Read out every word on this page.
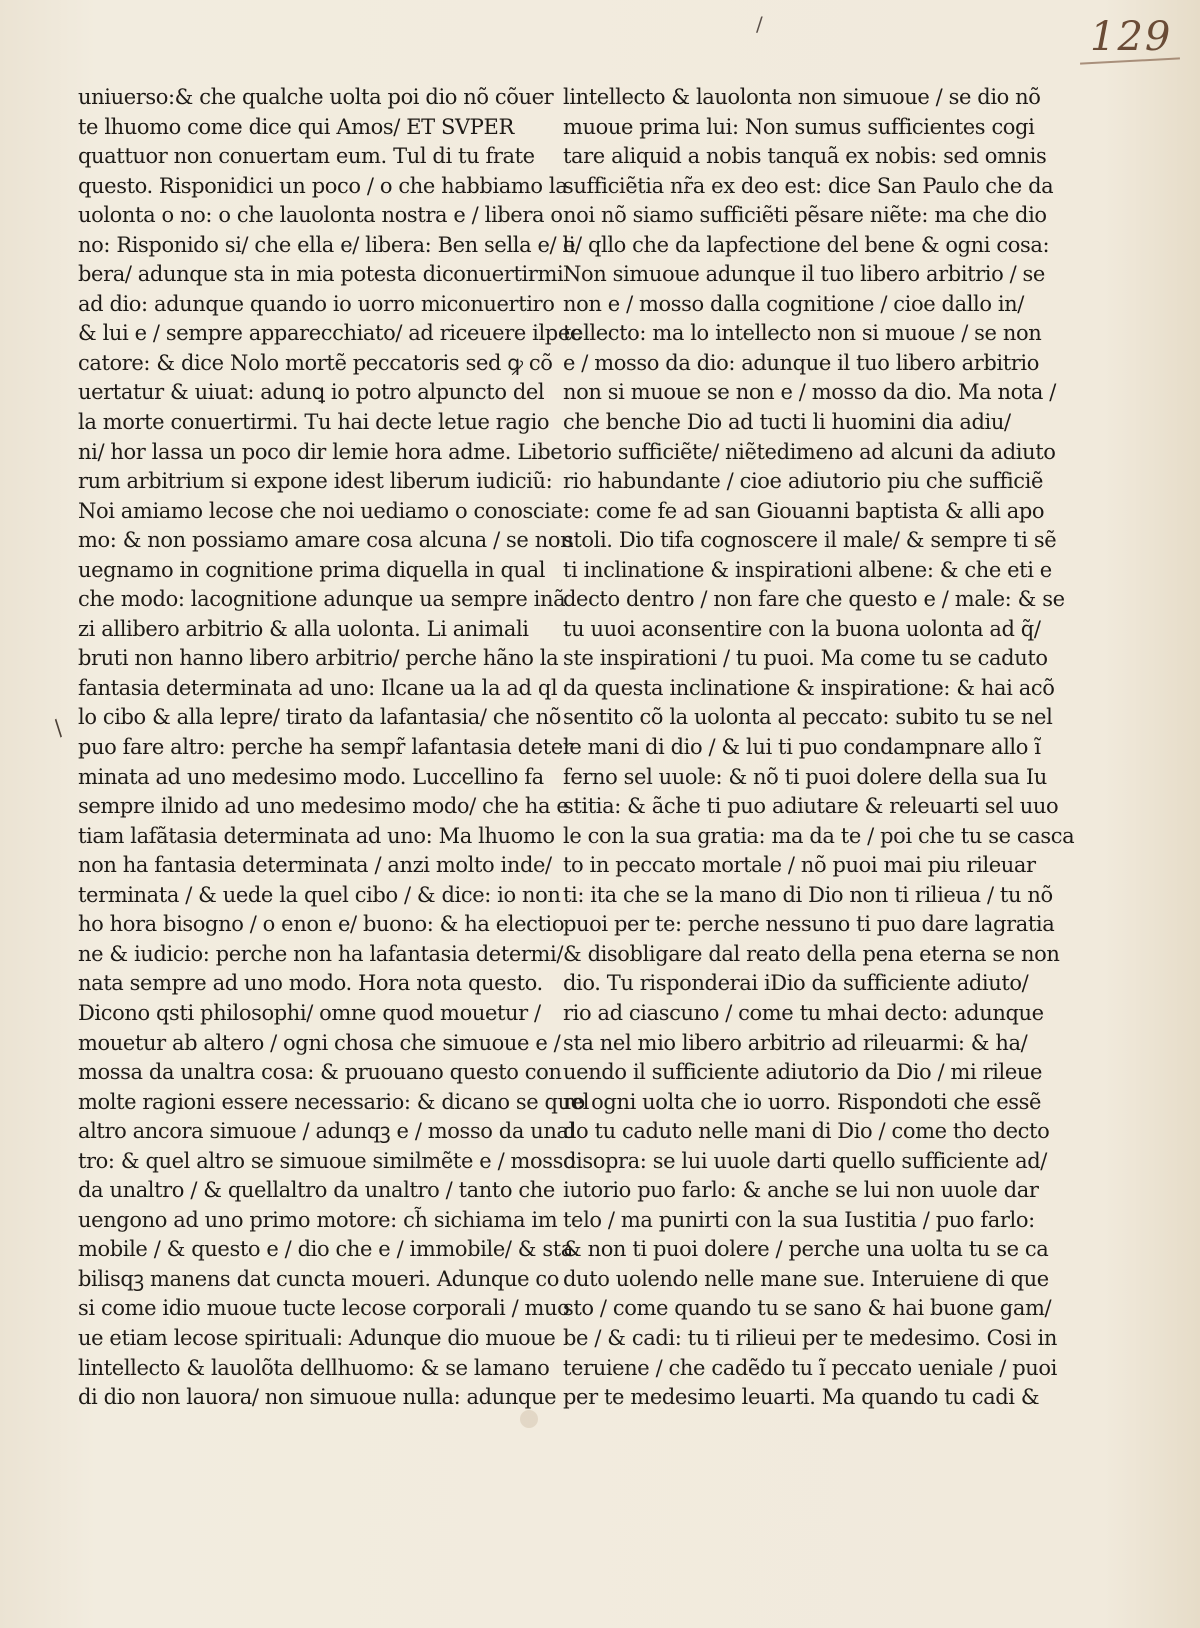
/	129
/
uniuerso:& che qualche uolta poi dio nõ cõuer
te lhuomo come dice qui Amos/ ET SVPER
quattuor non conuertam eum. Tul di tu frate
questo. Risponidici un poco / o che habbiamo la
uolonta o no: o che lauolonta nostra e / libera o
no: Risponido si/ che ella e/ libera: Ben sella e/ li
bera/ adunque sta in mia potesta diconuertirmi
ad dio: adunque quando io uorro miconuertiro
& lui e / sempre apparecchiato/ ad riceuere ilpec
catore: & dice Nolo mortẽ peccatoris sed ꝙ cõ
uertatur & uiuat: adunꝗ io potro alpuncto del
la morte conuertirmi. Tu hai decte letue ragio
ni/ hor lassa un poco dir lemie hora adme. Libe
rum arbitrium si expone idest liberum iudiciũ:
Noi amiamo lecose che noi uediamo o conoscia
mo: & non possiamo amare cosa alcuna / se non
uegnamo in cognitione prima diquella in qual
che modo: lacognitione adunque ua sempre inã
zi allibero arbitrio & alla uolonta. Li animali
bruti non hanno libero arbitrio/ perche hãno la
fantasia determinata ad uno: Ilcane ua la ad ql
lo cibo & alla lepre/ tirato da lafantasia/ che nõ
puo fare altro: perche ha sempr̃ lafantasia deter
minata ad uno medesimo modo. Luccellino fa
sempre ilnido ad uno medesimo modo/ che ha e
tiam lafãtasia determinata ad uno: Ma lhuomo
non ha fantasia determinata / anzi molto inde/
terminata / & uede la quel cibo / & dice: io non
ho hora bisogno / o enon e/ buono: & ha electio
ne & iudicio: perche non ha lafantasia determi/
nata sempre ad uno modo. Hora nota questo.
Dicono qsti philosophi/ omne quod mouetur /
mouetur ab altero / ogni chosa che simuoue e /
mossa da unaltra cosa: & pruouano questo con
molte ragioni essere necessario: & dicano se quel
altro ancora simuoue / adunqꝫ e / mosso da unal
tro: & quel altro se simuoue similmẽte e / mosso
da unaltro / & quellaltro da unaltro / tanto che
uengono ad uno primo motore: ch̃ sichiama im
mobile / & questo e / dio che e / immobile/ & sta
bilisqꝫ manens dat cuncta moueri. Adunque co
si come idio muoue tucte lecose corporali / muo
ue etiam lecose spirituali: Adunque dio muoue
lintellecto & lauolõta dellhuomo: & se lamano
di dio non lauora/ non simuoue nulla: adunque
lintellecto & lauolonta non simuoue / se dio nõ
muoue prima lui: Non sumus sufficientes cogi
tare aliquid a nobis tanquã ex nobis: sed omnis
sufficiẽtia nr̃a ex deo est: dice San Paulo che da
noi nõ siamo sufficiẽti pẽsare niẽte: ma che dio
e/ qllo che da lapfectione del bene & ogni cosa:
Non simuoue adunque il tuo libero arbitrio / se
non e / mosso dalla cognitione / cioe dallo in/
tellecto: ma lo intellecto non si muoue / se non
e / mosso da dio: adunque il tuo libero arbitrio
non si muoue se non e / mosso da dio. Ma nota /
che benche Dio ad tucti li huomini dia adiu/
torio sufficiẽte/ niẽtedimeno ad alcuni da adiuto
rio habundante / cioe adiutorio piu che sufficiẽ
te: come fe ad san Giouanni baptista & alli apo
stoli. Dio tifa cognoscere il male/ & sempre ti sẽ
ti inclinatione & inspirationi albene: & che eti e
decto dentro / non fare che questo e / male: & se
tu uuoi aconsentire con la buona uolonta ad q̃/
ste inspirationi / tu puoi. Ma come tu se caduto
da questa inclinatione & inspiratione: & hai acõ
sentito cõ la uolonta al peccato: subito tu se nel
le mani di dio / & lui ti puo condampnare allo ĩ
ferno sel uuole: & nõ ti puoi dolere della sua Iu
stitia: & ãche ti puo adiutare & releuarti sel uuo
le con la sua gratia: ma da te / poi che tu se casca
to in peccato mortale / nõ puoi mai piu rileuar
ti: ita che se la mano di Dio non ti rilieua / tu nõ
puoi per te: perche nessuno ti puo dare lagratia
& disobligare dal reato della pena eterna se non
dio. Tu risponderai iDio da sufficiente adiuto/
rio ad ciascuno / come tu mhai decto: adunque
sta nel mio libero arbitrio ad rileuarmi: & ha/
uendo il sufficiente adiutorio da Dio / mi rileue
ro ogni uolta che io uorro. Rispondoti che essẽ
do tu caduto nelle mani di Dio / come tho decto
disopra: se lui uuole darti quello sufficiente ad/
iutorio puo farlo: & anche se lui non uuole dar
telo / ma punirti con la sua Iustitia / puo farlo:
& non ti puoi dolere / perche una uolta tu se ca
duto uolendo nelle mane sue. Interuiene di que
sto / come quando tu se sano & hai buone gam/
be / & cadi: tu ti rilieui per te medesimo. Cosi in
teruiene / che cadẽdo tu ĩ peccato ueniale / puoi
per te medesimo leuarti. Ma quando tu cadi &
